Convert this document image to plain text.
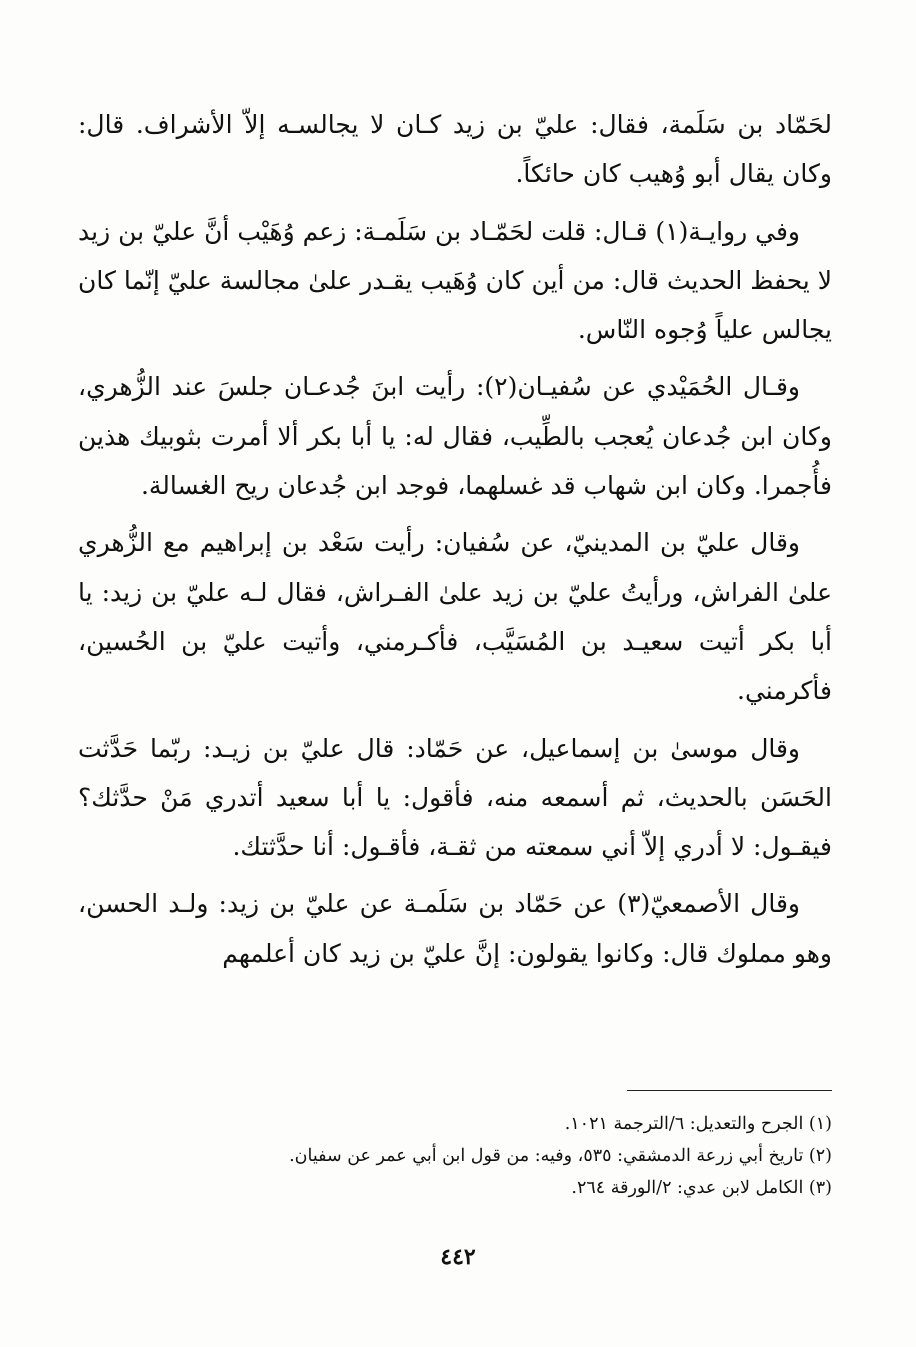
لحَمّاد بن سَلَمة، فقال: عليّ بن زيد كـان لا يجالسـه إلاّ الأشراف. قال: وكان يقال أبو وُهيب كان حائكاً.

وفي روايـة(١) قـال: قلت لحَمّـاد بن سَلَمـة: زعم وُهَيْب أنَّ عليّ بن زيد لا يحفظ الحديث قال: من أين كان وُهَيب يقـدر علىٰ مجالسة عليّ إنّما كان يجالس علياً وُجوه النّاس.

وقـال الحُمَيْدي عن سُفيـان(٢): رأيت ابنَ جُدعـان جلسَ عند الزُّهري، وكان ابن جُدعان يُعجب بالطِّيب، فقال له: يا أبا بكر ألا أمرت بثوبيك هذين فأُجمرا. وكان ابن شهاب قد غسلهما، فوجد ابن جُدعان ريح الغسالة.

وقال عليّ بن المدينيّ، عن سُفيان: رأيت سَعْد بن إبراهيم مع الزُّهري علىٰ الفراش، ورأيتُ عليّ بن زيد علىٰ الفـراش، فقال لـه عليّ بن زيد: يا أبا بكر أتيت سعيـد بن المُسَيَّب، فأكـرمني، وأتيت عليّ بن الحُسين، فأكرمني.

وقال موسىٰ بن إسماعيل، عن حَمّاد: قال عليّ بن زيـد: ربّما حَدَّثت الحَسَن بالحديث، ثم أسمعه منه، فأقول: يا أبا سعيد أتدري مَنْ حدَّثك؟ فيقـول: لا أدري إلاّ أني سمعته من ثقـة، فأقـول: أنا حدَّثتك.

وقال الأصمعيّ(٣) عن حَمّاد بن سَلَمـة عن عليّ بن زيد: ولـد الحسن، وهو مملوك قال: وكانوا يقولون: إنَّ عليّ بن زيد كان أعلمهم

(١) الجرح والتعديل: ٦/الترجمة ١٠٢١.
(٢) تاريخ أبي زرعة الدمشقي: ٥٣٥، وفيه: من قول ابن أبي عمر عن سفيان.
(٣) الكامل لابن عدي: ٢/الورقة ٢٦٤.
٤٤٢
